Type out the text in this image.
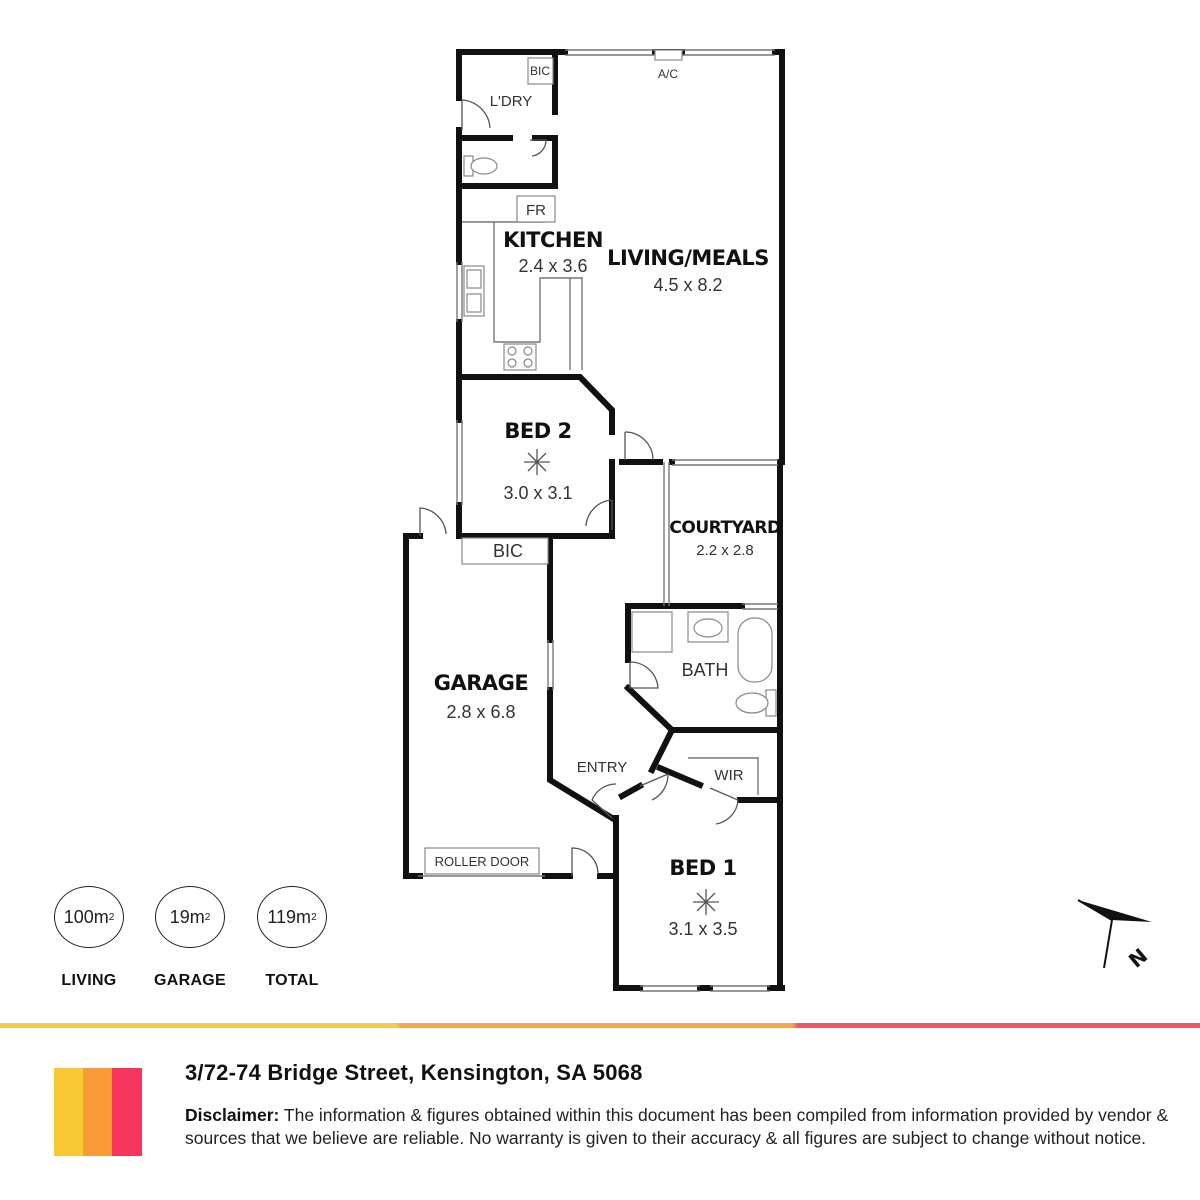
BIC	A/C
L'DRY
FR
KITCHEN
2.4 x 3.6 LIVING/MEALS
4.5 x 8.2
BED 2
3.0 x 3.1
BIC
COURTYARD
2.2 x 2.8
GARAGE
2.8 x 6.8
ROLLER DOOR
BATH
ENTRY	WIR
BED 1
3.1 x 3.5
N
100m 2
LIVING
19m 2
GARAGE
119m 2
TOTAL
3/72-74 Bridge Street, Kensington, SA 5068
Disclaimer: The information & figures obtained within this document has been compiled from information provided by vendor & sources that we believe are reliable. No warranty is given to their accuracy & all figures are subject to change without notice.
